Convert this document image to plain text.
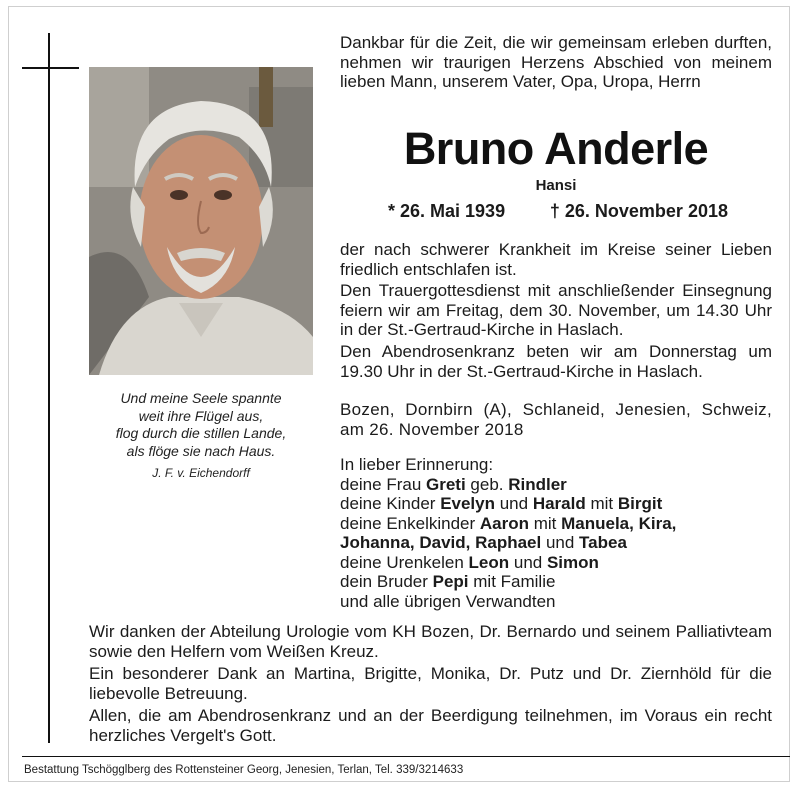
Und meine Seele spannte
weit ihre Flügel aus,
flog durch die stillen Lande,
als flöge sie nach Haus.
J. F. v. Eichendorff
Dankbar für die Zeit, die wir gemeinsam erleben durften, nehmen wir traurigen Herzens Abschied von meinem lieben Mann, unserem Vater, Opa, Uropa, Herrn
Bruno Anderle
Hansi
* 26. Mai 1939 † 26. November 2018
der nach schwerer Krankheit im Kreise seiner Lieben friedlich entschlafen ist.
Den Trauergottesdienst mit anschließender Einsegnung feiern wir am Freitag, dem 30. November, um 14.30 Uhr in der St.-Gertraud-Kirche in Haslach.
Den Abendrosenkranz beten wir am Donnerstag um 19.30 Uhr in der St.-Gertraud-Kirche in Haslach.
Bozen, Dornbirn (A), Schlaneid, Jenesien, Schweiz, am 26. November 2018
In lieber Erinnerung:
deine Frau Greti geb. Rindler
deine Kinder Evelyn und Harald mit Birgit
deine Enkelkinder Aaron mit Manuela, Kira,
Johanna, David, Raphael und Tabea
deine Urenkelen Leon und Simon
dein Bruder Pepi mit Familie
und alle übrigen Verwandten
Wir danken der Abteilung Urologie vom KH Bozen, Dr. Bernardo und seinem Palliativteam sowie den Helfern vom Weißen Kreuz.
Ein besonderer Dank an Martina, Brigitte, Monika, Dr. Putz und Dr. Ziernhöld für die liebevolle Betreuung.
Allen, die am Abendrosenkranz und an der Beerdigung teilnehmen, im Voraus ein recht herzliches Vergelt's Gott.
Bestattung Tschögglberg des Rottensteiner Georg, Jenesien, Terlan, Tel. 339/3214633
